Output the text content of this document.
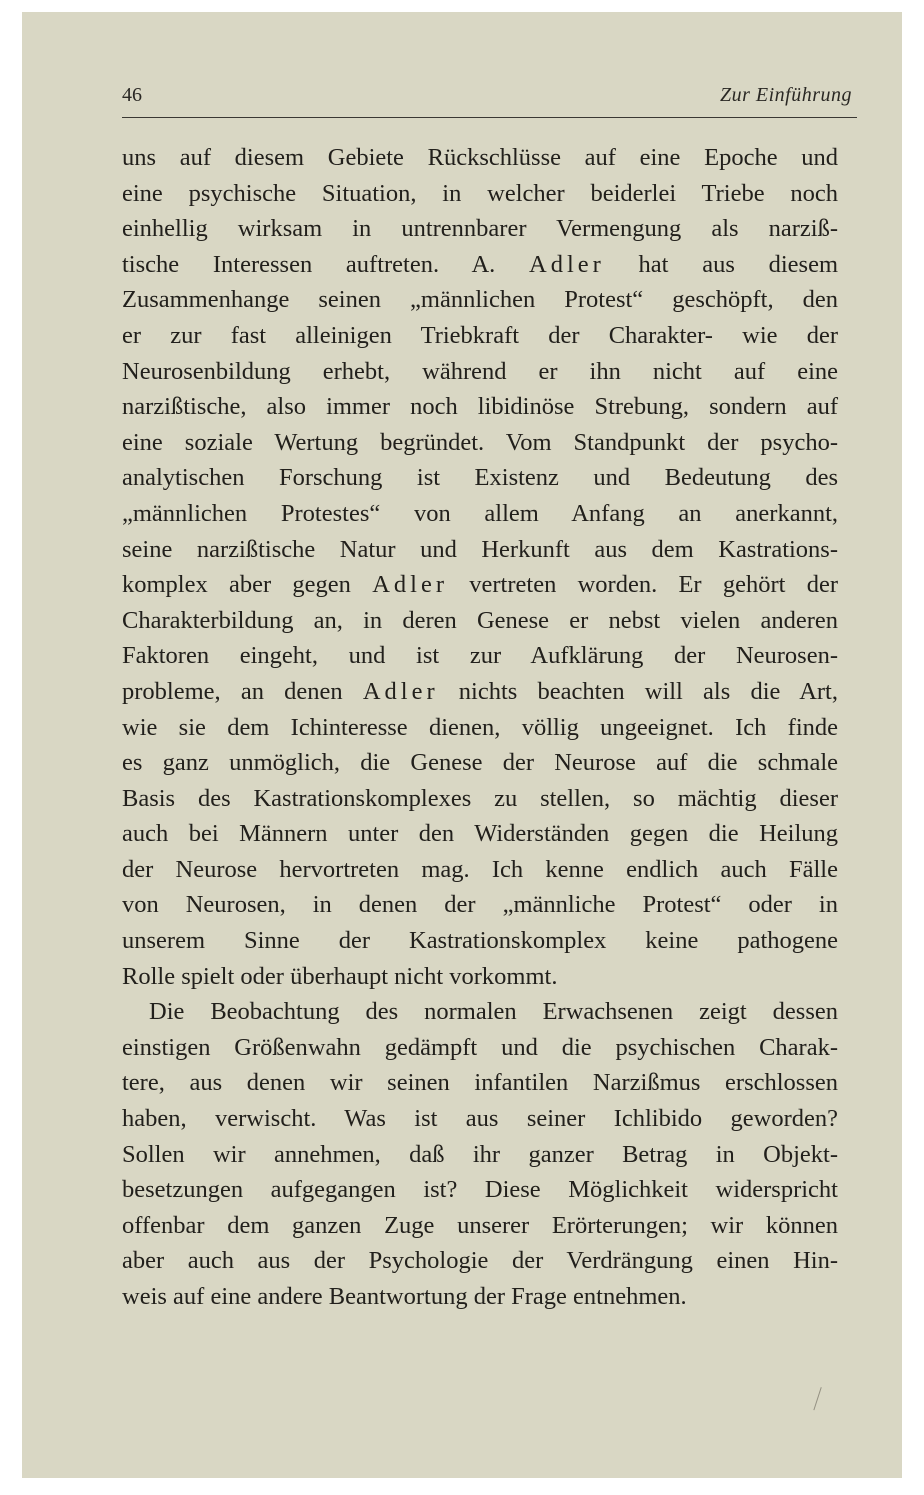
46	Zur Einführung

uns auf diesem Gebiete Rückschlüsse auf eine Epoche und
eine psychische Situation, in welcher beiderlei Triebe noch
einhellig wirksam in untrennbarer Vermengung als narziß-
tische Interessen auftreten. A. Adler hat aus diesem
Zusammenhange seinen „männlichen Protest“ geschöpft, den
er zur fast alleinigen Triebkraft der Charakter- wie der
Neurosenbildung erhebt, während er ihn nicht auf eine
narzißtische, also immer noch libidinöse Strebung, sondern auf
eine soziale Wertung begründet. Vom Standpunkt der psycho-
analytischen Forschung ist Existenz und Bedeutung des
„männlichen Protestes“ von allem Anfang an anerkannt,
seine narzißtische Natur und Herkunft aus dem Kastrations-
komplex aber gegen Adler vertreten worden. Er gehört der
Charakterbildung an, in deren Genese er nebst vielen anderen
Faktoren eingeht, und ist zur Aufklärung der Neurosen-
probleme, an denen Adler nichts beachten will als die Art,
wie sie dem Ichinteresse dienen, völlig ungeeignet. Ich finde
es ganz unmöglich, die Genese der Neurose auf die schmale
Basis des Kastrationskomplexes zu stellen, so mächtig dieser
auch bei Männern unter den Widerständen gegen die Heilung
der Neurose hervortreten mag. Ich kenne endlich auch Fälle
von Neurosen, in denen der „männliche Protest“ oder in
unserem Sinne der Kastrationskomplex keine pathogene
Rolle spielt oder überhaupt nicht vorkommt.

Die Beobachtung des normalen Erwachsenen zeigt dessen
einstigen Größenwahn gedämpft und die psychischen Charak-
tere, aus denen wir seinen infantilen Narzißmus erschlossen
haben, verwischt. Was ist aus seiner Ichlibido geworden?
Sollen wir annehmen, daß ihr ganzer Betrag in Objekt-
besetzungen aufgegangen ist? Diese Möglichkeit widerspricht
offenbar dem ganzen Zuge unserer Erörterungen; wir können
aber auch aus der Psychologie der Verdrängung einen Hin-
weis auf eine andere Beantwortung der Frage entnehmen.
